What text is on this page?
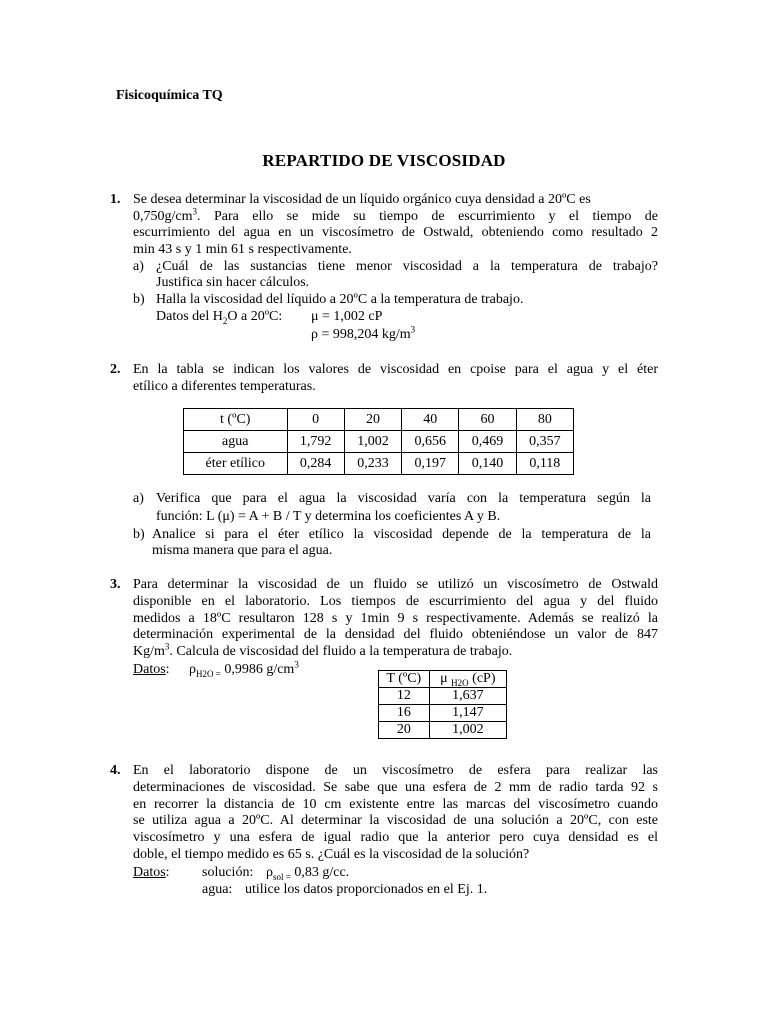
Fisicoquímica TQ
REPARTIDO DE VISCOSIDAD
1. Se desea determinar la viscosidad de un líquido orgánico cuya densidad a 20ºC es
$0,750g/cm^3$. Para ello se mide su tiempo de escurrimiento y el tiempo de
escurrimiento del agua en un viscosímetro de Ostwald, obteniendo como resultado 2
min 43 s y 1 min 61 s respectivamente.
a) ¿Cuál de las sustancias tiene menor viscosidad a la temperatura de trabajo?
Justifica sin hacer cálculos.
b) Halla la viscosidad del líquido a 20ºC a la temperatura de trabajo.
Datos del $H_2O$ a 20ºC: μ = 1,002 cP
ρ = 998,204 $kg/m^3$
2. En la tabla se indican los valores de viscosidad en cpoise para el agua y el éter
etílico a diferentes temperaturas.
t (ºC)	0	20	40	60	80
agua	1,792	1,002	0,656	0,469	0,357
éter etílico	0,284	0,233	0,197	0,140	0,118
a) Verifica que para el agua la viscosidad varía con la temperatura según la
función: L (μ) = A + B / T y determina los coeficientes A y B.
b) Analice si para el éter etílico la viscosidad depende de la temperatura de la
misma manera que para el agua.
3. Para determinar la viscosidad de un fluido se utilizó un viscosímetro de Ostwald
disponible en el laboratorio. Los tiempos de escurrimiento del agua y del fluido
medidos a 18ºC resultaron 128 s y 1min 9 s respectivamente. Además se realizó la
determinación experimental de la densidad del fluido obteniéndose un valor de 847
$Kg/m^3$. Calcula de viscosidad del fluido a la temperatura de trabajo.
Datos: $\rho_{H2O =}$ 0,9986 $g/cm^3$
T (ºC)	μ $_{H2O}$ (cP)
12	1,637
16	1,147
20	1,002
4. En el laboratorio dispone de un viscosímetro de esfera para realizar las
determinaciones de viscosidad. Se sabe que una esfera de 2 mm de radio tarda 92 s
en recorrer la distancia de 10 cm existente entre las marcas del viscosímetro cuando
se utiliza agua a 20ºC. Al determinar la viscosidad de una solución a 20ºC, con este
viscosímetro y una esfera de igual radio que la anterior pero cuya densidad es el
doble, el tiempo medido es 65 s. ¿Cuál es la viscosidad de la solución?
Datos: solución: $\rho_{sol =}$ 0,83 g/cc.
agua: utilice los datos proporcionados en el Ej. 1.
